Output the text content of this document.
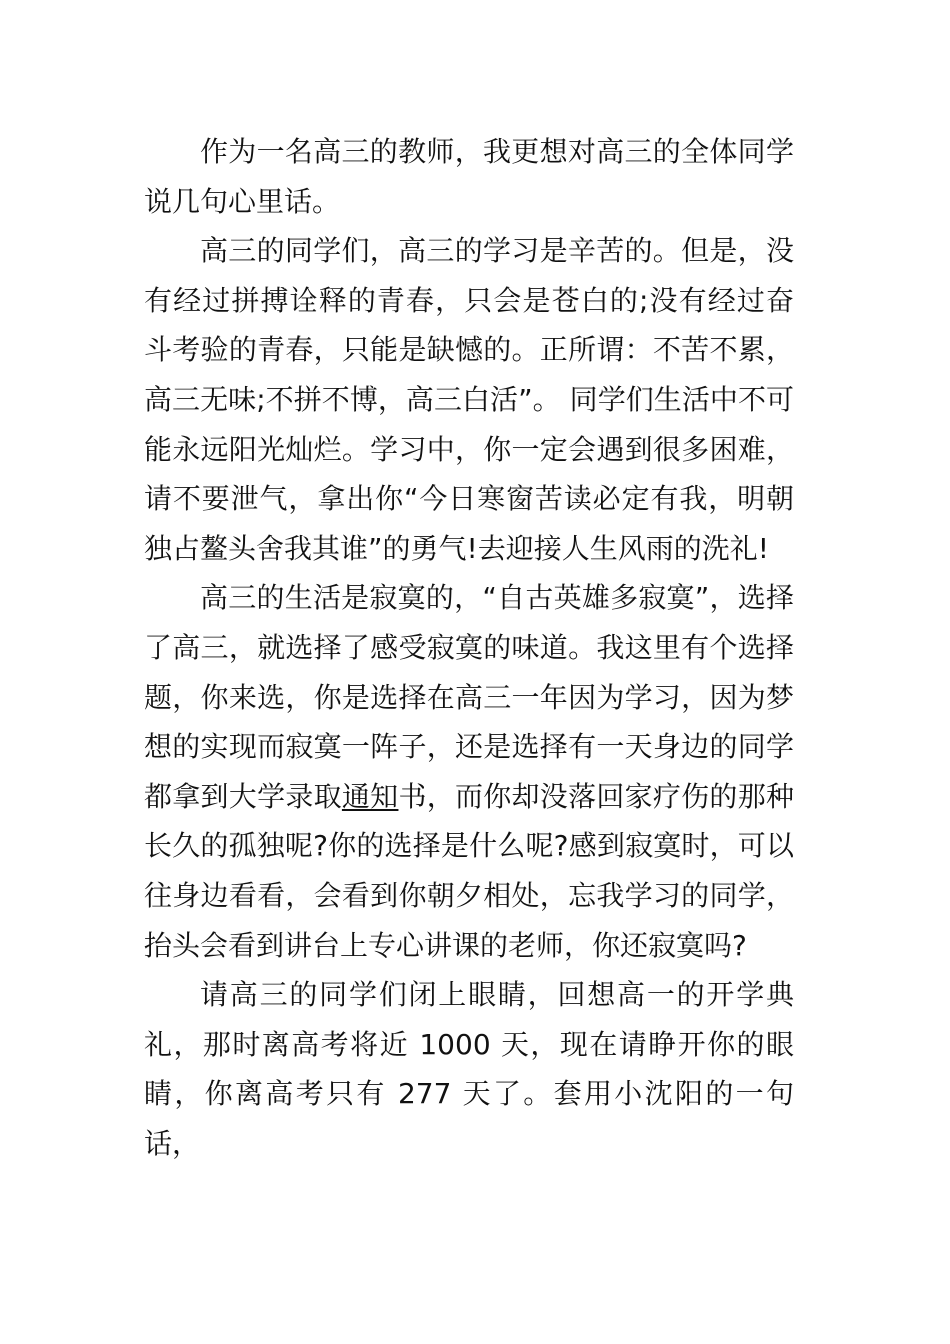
作为一名高三的教师，我更想对高三的全体同学说几句心里话。

高三的同学们，高三的学习是辛苦的。但是，没有经过拼搏诠释的青春，只会是苍白的;没有经过奋斗考验的青春，只能是缺憾的。正所谓：不苦不累，高三无味;不拼不博，高三白活”。 同学们生活中不可能永远阳光灿烂。学习中，你一定会遇到很多困难，请不要泄气，拿出你“今日寒窗苦读必定有我，明朝独占鳌头舍我其谁”的勇气!去迎接人生风雨的洗礼!

高三的生活是寂寞的，“自古英雄多寂寞”，选择了高三，就选择了感受寂寞的味道。我这里有个选择题，你来选，你是选择在高三一年因为学习，因为梦想的实现而寂寞一阵子，还是选择有一天身边的同学都拿到大学录取通知书，而你却没落回家疗伤的那种长久的孤独呢?你的选择是什么呢?感到寂寞时，可以往身边看看，会看到你朝夕相处，忘我学习的同学，抬头会看到讲台上专心讲课的老师，你还寂寞吗?

请高三的同学们闭上眼睛，回想高一的开学典礼，那时离高考将近 1000 天，现在请睁开你的眼睛，你离高考只有 277 天了。套用小沈阳的一句话，
